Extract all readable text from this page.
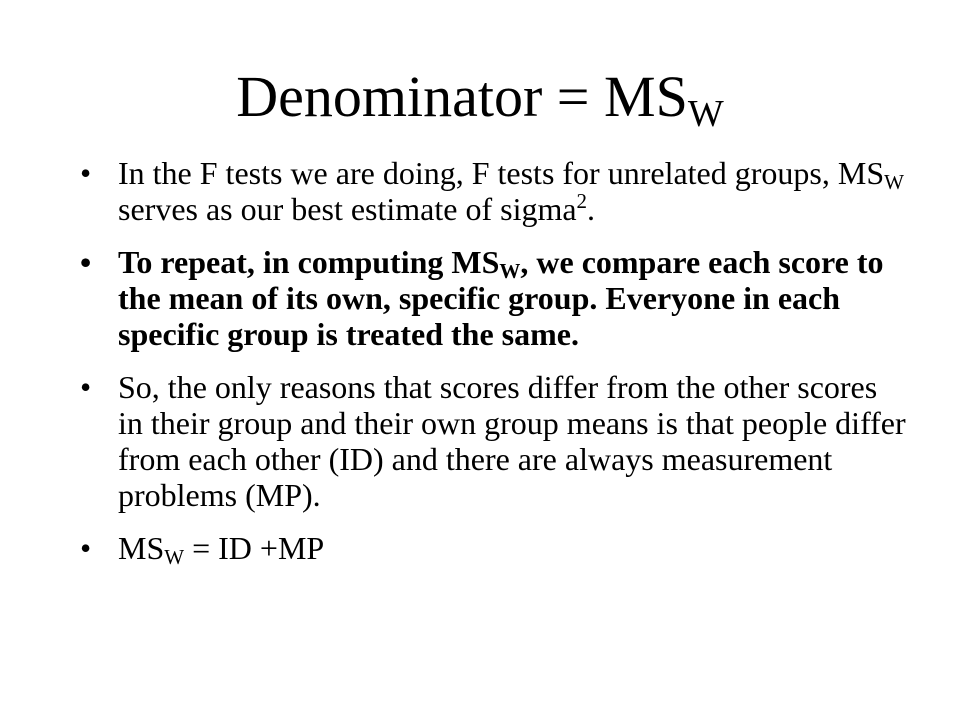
Denominator = $MS_W$
• In the F tests we are doing, F tests for unrelated groups, $MS_W$ serves as our best estimate of sigma$^2$.
• To repeat, in computing $MS_W$, we compare each score to the mean of its own, specific group. Everyone in each specific group is treated the same.
• So, the only reasons that scores differ from the other scores in their group and their own group means is that people differ from each other (ID) and there are always measurement problems (MP).
• $MS_W$ = ID +MP
